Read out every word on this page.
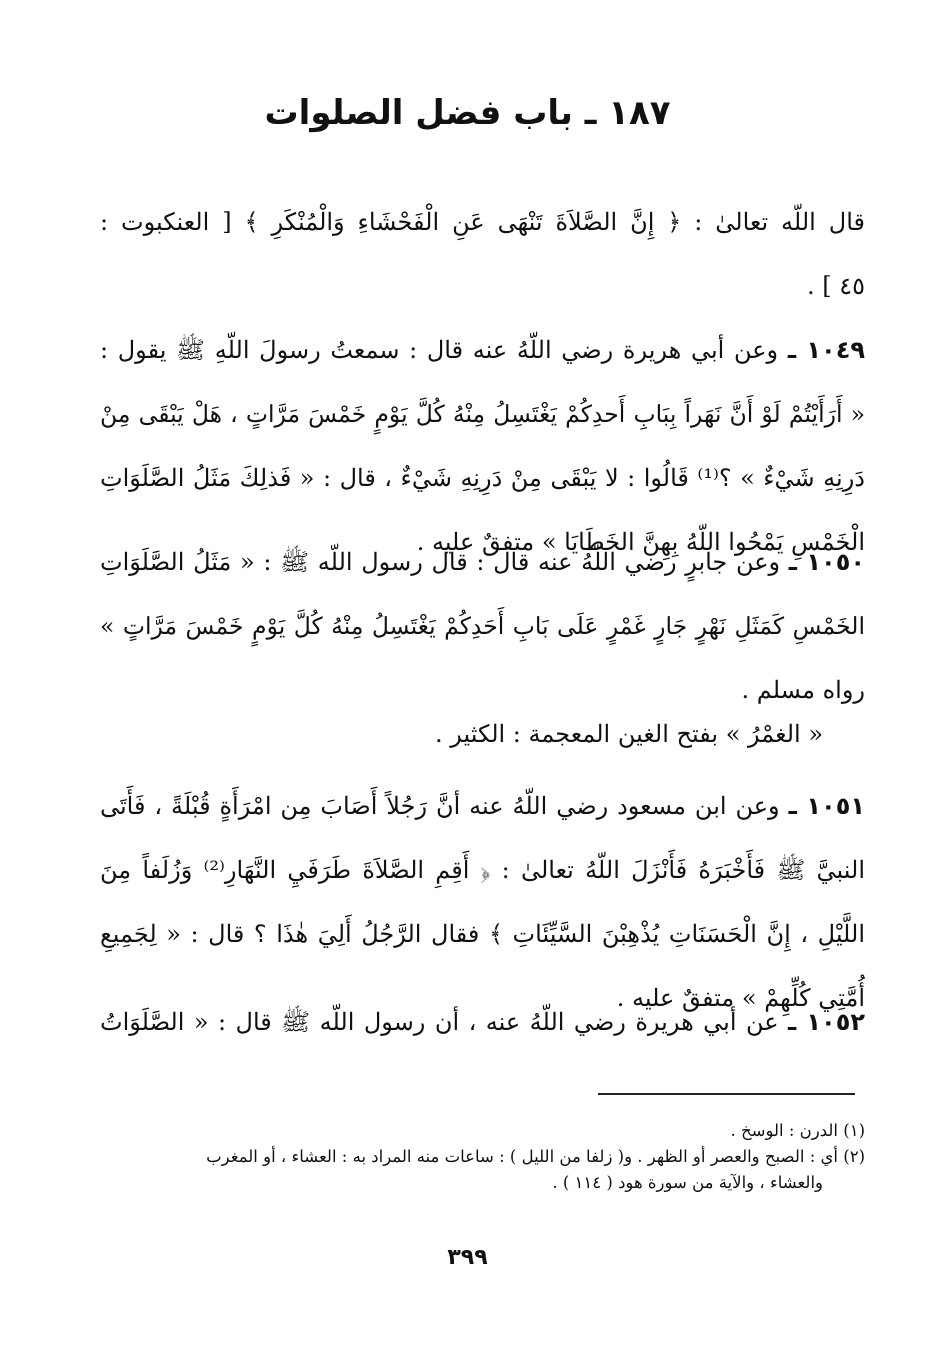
١٨٧ ـ باب فضل الصلوات
قال اللّه تعالىٰ : ﴿ إِنَّ الصَّلاَةَ تَنْهَى عَنِ الْفَحْشَاءِ وَالْمُنْكَرِ ﴾ [ العنكبوت :
٤٥ ] .
١٠٤٩ ـ وعن أبي هريرة رضي اللّهُ عنه قال : سمعتُ رسولَ اللّهِ ﷺ يقول :
« أَرَأَيْتُمْ لَوْ أَنَّ نَهَراً بِبَابِ أَحدِكُمْ يَغْتَسِلُ مِنْهُ كُلَّ يَوْمٍ خَمْسَ مَرَّاتٍ ، هَلْ يَبْقَى مِنْ
دَرِنِهِ شَيْءٌ » ؟⁽¹⁾ قَالُوا : لا يَبْقَى مِنْ دَرِنِهِ شَيْءٌ ، قال : « فَذلِكَ مَثَلُ الصَّلَوَاتِ
الْخَمْسِ يَمْحُوا اللّهُ بِهِنَّ الخَطَايَا » متفقٌ عليه .
١٠٥٠ ـ وعن جابرٍ رضي اللّهُ عنه قال : قال رسول اللّه ﷺ : « مَثَلُ الصَّلَوَاتِ
الخَمْسِ كَمَثَلِ نَهْرٍ جَارٍ غَمْرٍ عَلَى بَابِ أَحَدِكُمْ يَغْتَسِلُ مِنْهُ كُلَّ يَوْمٍ خَمْسَ مَرَّاتٍ »
رواه مسلم .
« الغمْرُ » بفتح الغين المعجمة : الكثير .
١٠٥١ ـ وعن ابن مسعود رضي اللّهُ عنه أنَّ رَجُلاً أَصَابَ مِن امْرَأَةٍ قُبْلَةً ، فَأَتَى
النبيَّ ﷺ فَأَخْبَرَهُ فَأَنْزَلَ اللّهُ تعالىٰ : ﴿ أَقِمِ الصَّلاَةَ طَرَفَيِ النَّهَارِ⁽²⁾ وَزُلَفاً مِنَ
اللَّيْلِ ، إِنَّ الْحَسَنَاتِ يُذْهِبْنَ السَّيِّئَاتِ ﴾ فقال الرَّجُلُ أَلِيَ هٰذَا ؟ قال : « لِجَمِيعِ
أُمَّتِي كُلِّهِمْ » متفقٌ عليه .
١٠٥٢ ـ عن أبي هريرة رضي اللّهُ عنه ، أن رسول اللّه ﷺ قال : « الصَّلَوَاتُ
(١) الدرن : الوسخ .
(٢) أي : الصبح والعصر أو الظهر . و( زلفا من الليل ) : ساعات منه المراد به : العشاء ، أو المغرب
والعشاء ، والآية من سورة هود ( ١١٤ ) .
٣٩٩
